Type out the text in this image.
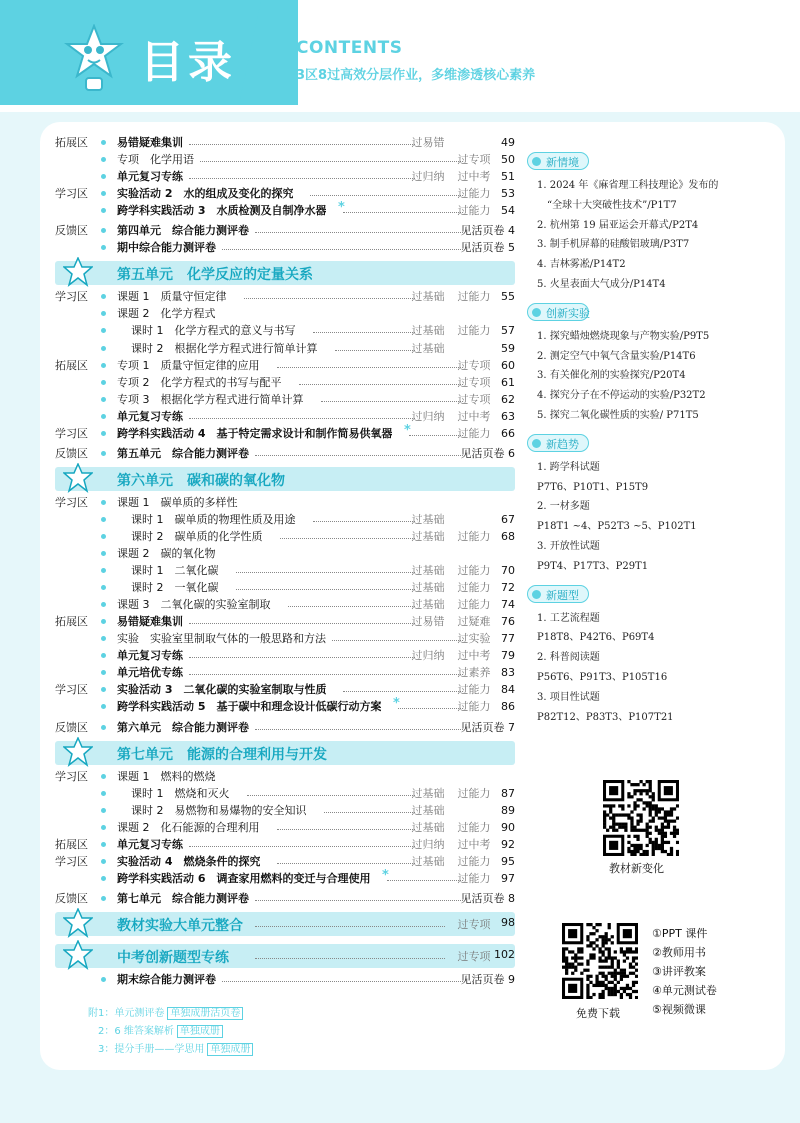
目录	CONTENTS
3区8过高效分层作业，多维渗透核心素养
拓展区	易错疑难集训	过易错	49
专项　化学用语	过专项 50
单元复习专练	过归纳	过中考 51
学习区	实验活动 2　水的组成及变化的探究	过能力 53
跨学科实践活动 3　水质检测及自制净水器 *	过能力 54
反馈区	第四单元　综合能力测评卷	见活页卷 4
期中综合能力测评卷	见活页卷 5
第五单元　化学反应的定量关系
学习区	课题 1　质量守恒定律	过基础	过能力 55
课题 2　化学方程式
课时 1　化学方程式的意义与书写	过基础	过能力 57
课时 2　根据化学方程式进行简单计算	过基础	59
拓展区	专项 1　质量守恒定律的应用	过专项 60
专项 2　化学方程式的书写与配平	过专项 61
专项 3　根据化学方程式进行简单计算	过专项 62
单元复习专练	过归纳	过中考 63
学习区	跨学科实践活动 4　基于特定需求设计和制作简易供氧器 *	过能力 66
反馈区	第五单元　综合能力测评卷	见活页卷 6
第六单元　碳和碳的氧化物
学习区	课题 1　碳单质的多样性
课时 1　碳单质的物理性质及用途	过基础	67
课时 2　碳单质的化学性质	过基础	过能力 68
课题 2　碳的氧化物
课时 1　二氧化碳	过基础	过能力 70
课时 2　一氧化碳	过基础	过能力 72
课题 3　二氧化碳的实验室制取	过基础	过能力 74
拓展区	易错疑难集训	过易错	过疑难 76
实验　实验室里制取气体的一般思路和方法	过实验 77
单元复习专练	过归纳	过中考 79
单元培优专练	过素养 83
学习区	实验活动 3　二氧化碳的实验室制取与性质	过能力 84
跨学科实践活动 5　基于碳中和理念设计低碳行动方案 *	过能力 86
反馈区	第六单元　综合能力测评卷	见活页卷 7
第七单元　能源的合理利用与开发
学习区	课题 1　燃料的燃烧
课时 1　燃烧和灭火	过基础	过能力 87
课时 2　易燃物和易爆物的安全知识	过基础	89
课题 2　化石能源的合理利用	过基础	过能力 90
拓展区	单元复习专练	过归纳	过中考 92
学习区	实验活动 4　燃烧条件的探究	过基础	过能力 95
跨学科实践活动 6　调查家用燃料的变迁与合理使用 *	过能力 97
反馈区	第七单元　综合能力测评卷	见活页卷 8
教材实验大单元整合	过专项 98
中考创新题型专练	过专项 102
期末综合能力测评卷	见活页卷 9
附1：单元测评卷 单独成册活页卷
2：6 维答案解析 单独成册
3：提分手册——学思用 单独成册
新情境
1. 2024 年《麻省理工科技理论》发布的
　“全球十大突破性技术”/P1T7
2. 杭州第 19 届亚运会开幕式/P2T4
3. 制手机屏幕的硅酸铝玻璃/P3T7
4. 吉林雾凇/P14T2
5. 火星表面大气成分/P14T4
创新实验
1. 探究蜡烛燃烧现象与产物实验/P9T5
2. 测定空气中氧气含量实验/P14T6
3. 有关催化剂的实验探究/P20T4
4. 探究分子在不停运动的实验/P32T2
5. 探究二氧化碳性质的实验/ P71T5
新趋势
1. 跨学科试题
P7T6、P10T1、P15T9
2. 一材多题
P18T1 ~4、P52T3 ~5、P102T1
3. 开放性试题
P9T4、P17T3、P29T1
新题型
1. 工艺流程题
P18T8、P42T6、P69T4
2. 科普阅读题
P56T6、P91T3、P105T16
3. 项目性试题
P82T12、P83T3、P107T21
教材新变化
免费下载
①PPT 课件
②教师用书
③讲评教案
④单元测试卷
⑤视频微课
